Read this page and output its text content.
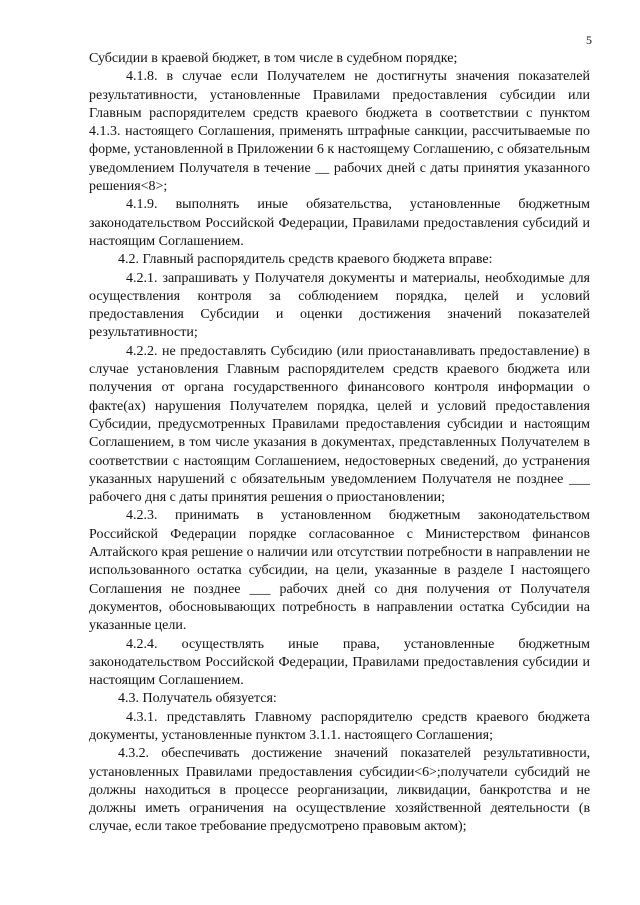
5

Субсидии в краевой бюджет, в том числе в судебном порядке;

4.1.8. в случае если Получателем не достигнуты значения показателей результативности, установленные Правилами предоставления субсидии или Главным распорядителем средств краевого бюджета в соответствии с пунктом 4.1.3. настоящего Соглашения, применять штрафные санкции, рассчитываемые по форме, установленной в Приложении 6 к настоящему Соглашению, с обязательным уведомлением Получателя в течение __ рабочих дней с даты принятия указанного решения<8>;

4.1.9. выполнять иные обязательства, установленные бюджетным законодательством Российской Федерации, Правилами предоставления субсидий и настоящим Соглашением.

4.2. Главный распорядитель средств краевого бюджета вправе:

4.2.1. запрашивать у Получателя документы и материалы, необходимые для осуществления контроля за соблюдением порядка, целей и условий предоставления Субсидии и оценки достижения значений показателей результативности;

4.2.2. не предоставлять Субсидию (или приостанавливать предоставление) в случае установления Главным распорядителем средств краевого бюджета или получения от органа государственного финансового контроля информации о факте(ах) нарушения Получателем порядка, целей и условий предоставления Субсидии, предусмотренных Правилами предоставления субсидии и настоящим Соглашением, в том числе указания в документах, представленных Получателем в соответствии с настоящим Соглашением, недостоверных сведений, до устранения указанных нарушений с обязательным уведомлением Получателя не позднее ___ рабочего дня с даты принятия решения о приостановлении;

4.2.3. принимать в установленном бюджетным законодательством Российской Федерации порядке согласованное с Министерством финансов Алтайского края решение о наличии или отсутствии потребности в направлении не использованного остатка субсидии, на цели, указанные в разделе I настоящего Соглашения не позднее ___ рабочих дней со дня получения от Получателя документов, обосновывающих потребность в направлении остатка Субсидии на указанные цели.

4.2.4. осуществлять иные права, установленные бюджетным законодательством Российской Федерации, Правилами предоставления субсидии и настоящим Соглашением.

4.3. Получатель обязуется:

4.3.1. представлять Главному распорядителю средств краевого бюджета документы, установленные пунктом 3.1.1. настоящего Соглашения;

4.3.2. обеспечивать достижение значений показателей результативности, установленных Правилами предоставления субсидии<6>;получатели субсидий не должны находиться в процессе реорганизации, ликвидации, банкротства и не должны иметь ограничения на осуществление хозяйственной деятельности (в случае, если такое требование предусмотрено правовым актом);
